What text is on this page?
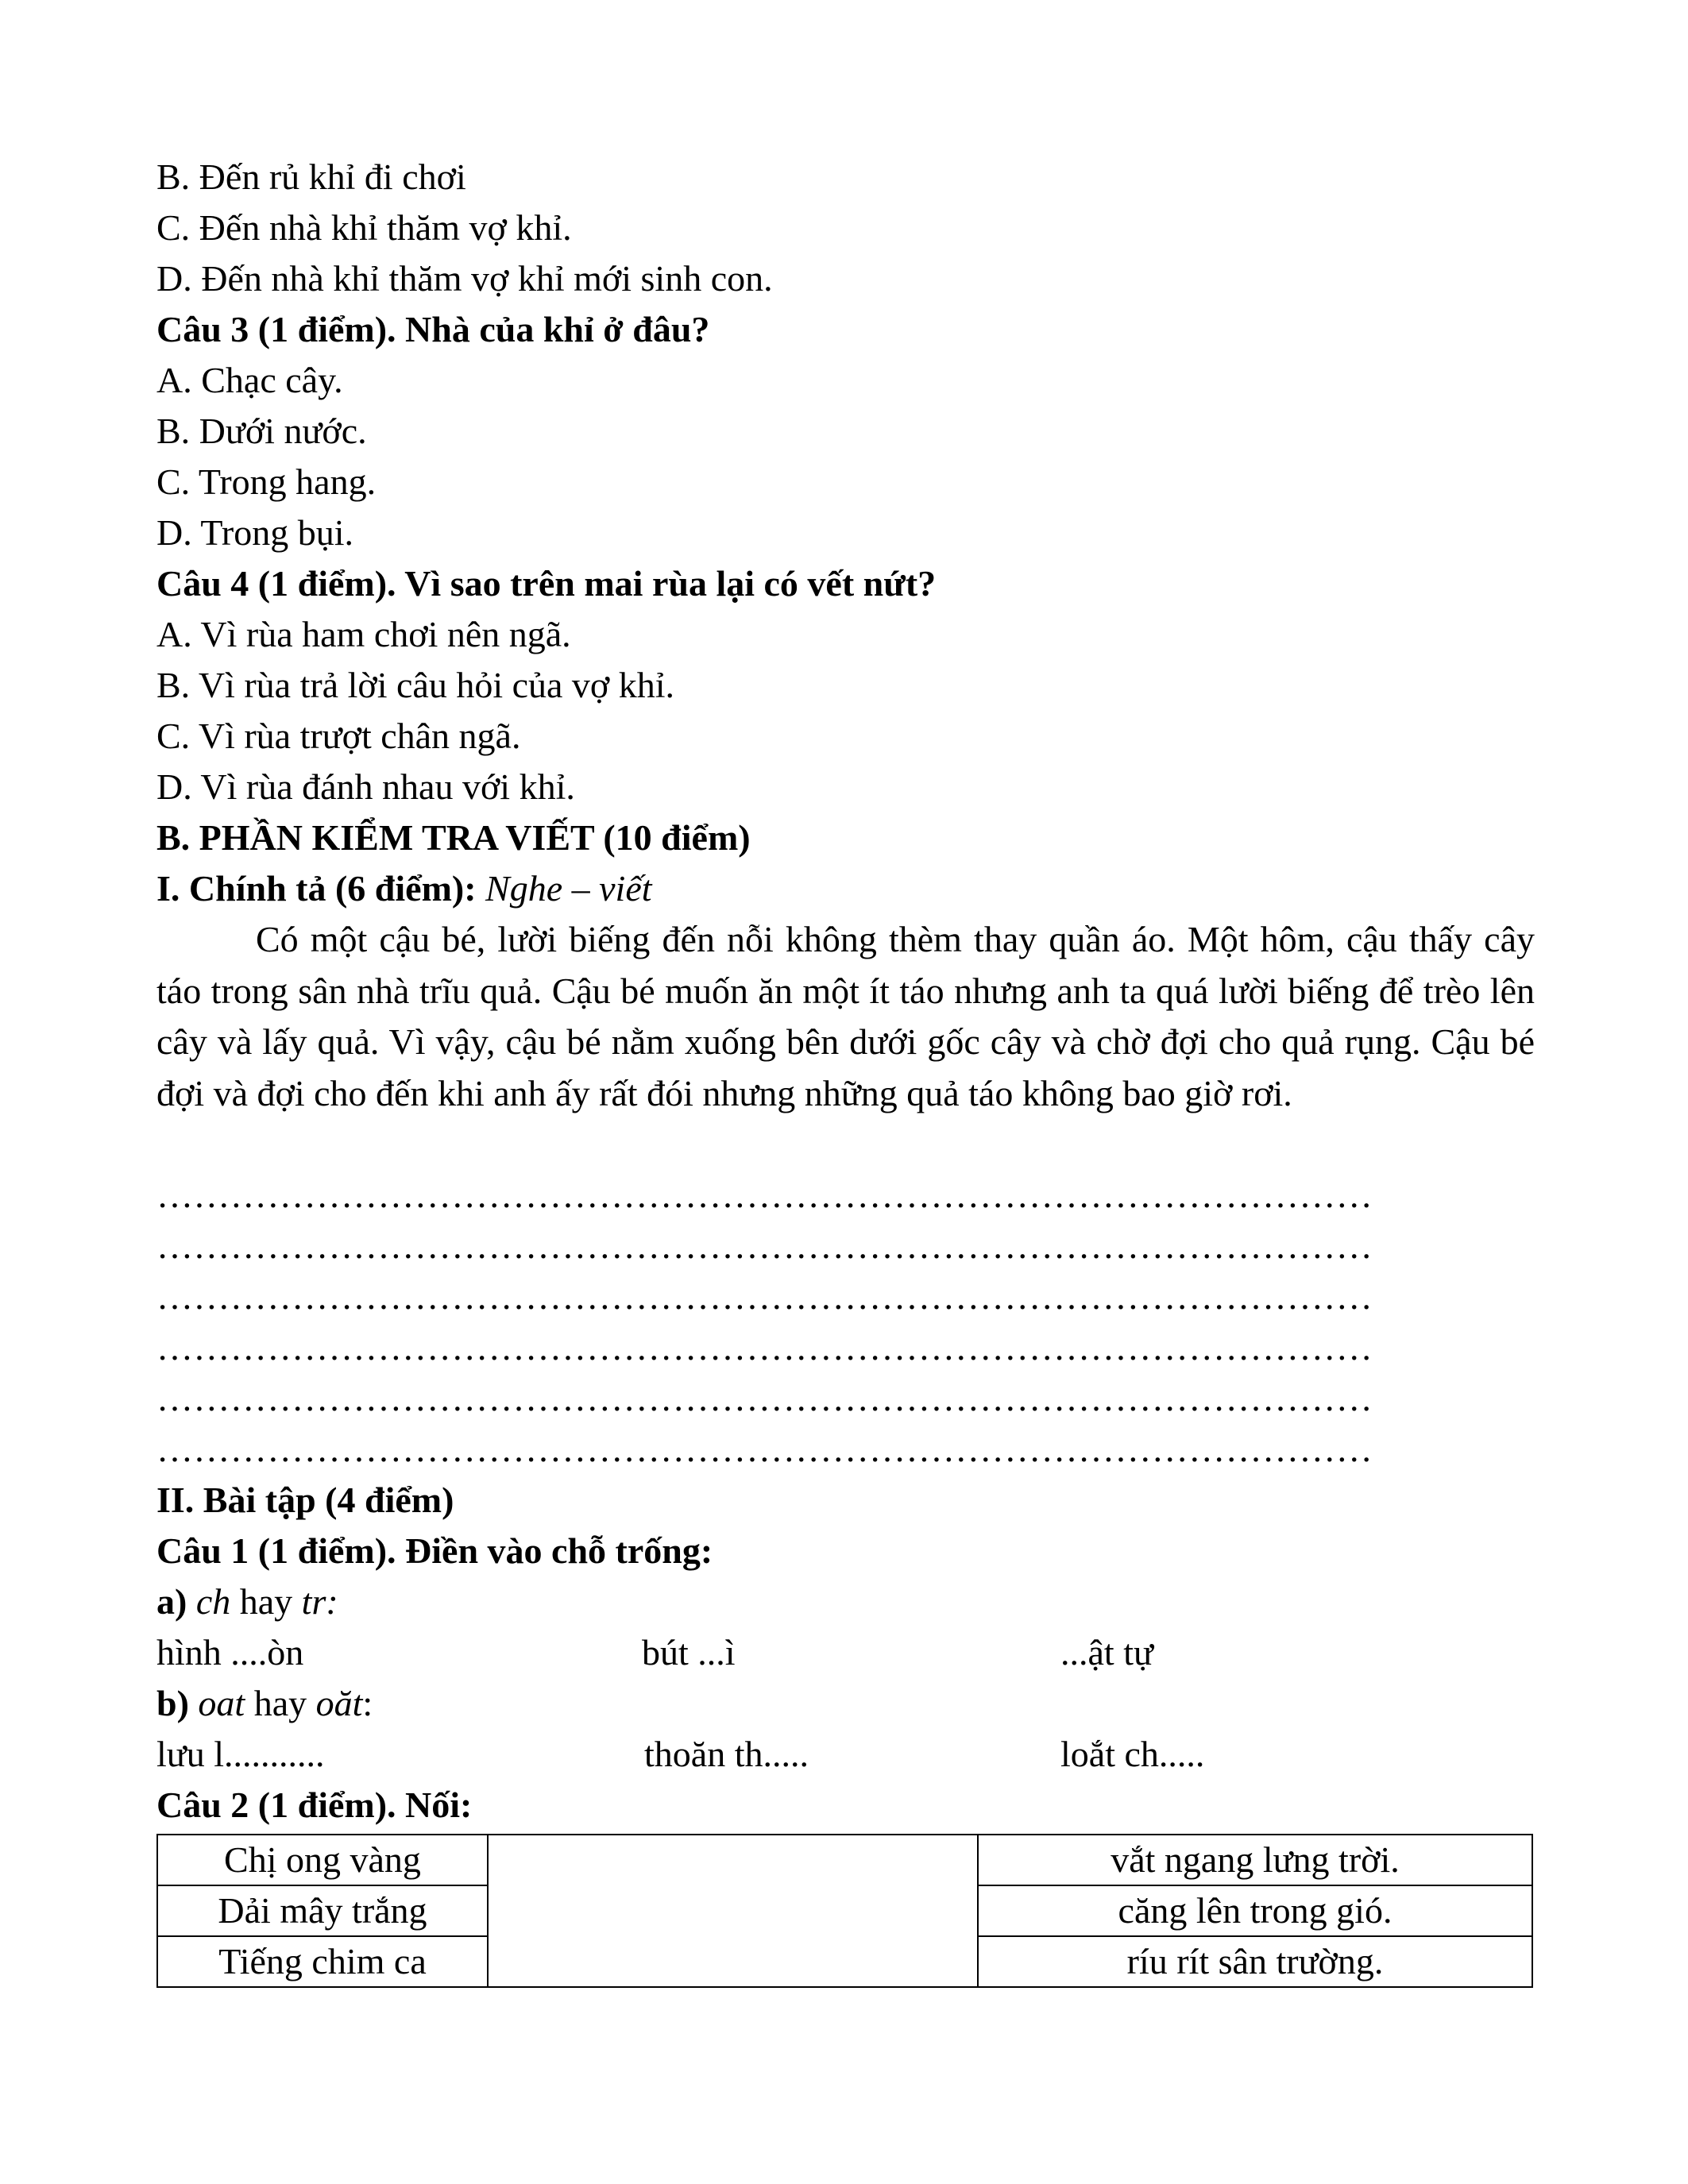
B. Đến rủ khỉ đi chơi
C. Đến nhà khỉ thăm vợ khỉ.
D. Đến nhà khỉ thăm vợ khỉ mới sinh con.
Câu 3 (1 điểm). Nhà của khỉ ở đâu?
A. Chạc cây.
B. Dưới nước.
C. Trong hang.
D. Trong bụi.
Câu 4 (1 điểm). Vì sao trên mai rùa lại có vết nứt?
A. Vì rùa ham chơi nên ngã.
B. Vì rùa trả lời câu hỏi của vợ khỉ.
C. Vì rùa trượt chân ngã.
D. Vì rùa đánh nhau với khỉ.
B. PHẦN KIỂM TRA VIẾT (10 điểm)
I. Chính tả (6 điểm): Nghe – viết

Có một cậu bé, lười biếng đến nỗi không thèm thay quần áo. Một hôm, cậu thấy cây táo trong sân nhà trĩu quả. Cậu bé muốn ăn một ít táo nhưng anh ta quá lười biếng để trèo lên cây và lấy quả. Vì vậy, cậu bé nằm xuống bên dưới gốc cây và chờ đợi cho quả rụng. Cậu bé đợi và đợi cho đến khi anh ấy rất đói nhưng những quả táo không bao giờ rơi.

………………………………………………………………………………………
………………………………………………………………………………………
………………………………………………………………………………………
………………………………………………………………………………………
………………………………………………………………………………………
………………………………………………………………………………………
II. Bài tập (4 điểm)
Câu 1 (1 điểm). Điền vào chỗ trống:
a) ch hay tr:
hình ....òn	bút ...ì	...ật tự
b) oat hay oăt:
lưu l...........	thoăn th.....	loắt ch.....
Câu 2 (1 điểm). Nối:
Chị ong vàng		vắt ngang lưng trời.
Dải mây trắng		căng lên trong gió.
Tiếng chim ca		ríu rít sân trường.
